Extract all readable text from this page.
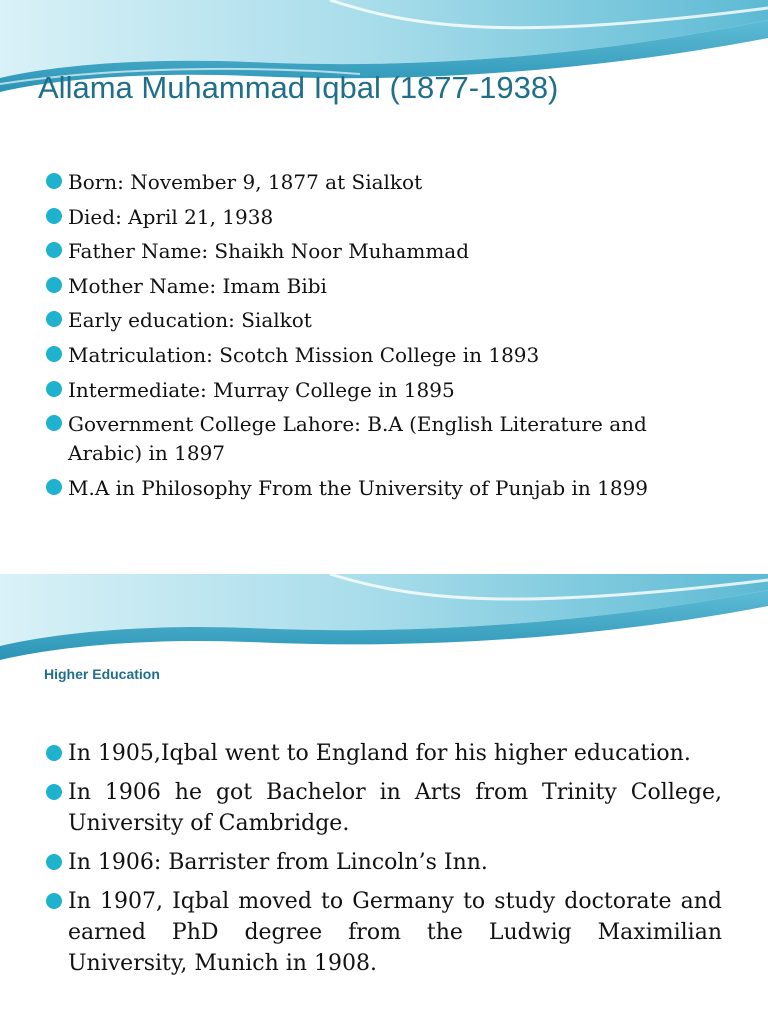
Allama Muhammad Iqbal (1877-1938)
Born: November 9, 1877 at Sialkot
Died: April 21, 1938
Father Name: Shaikh Noor Muhammad
Mother Name: Imam Bibi
Early education: Sialkot
Matriculation: Scotch Mission College in 1893
Intermediate: Murray College in 1895
Government College Lahore: B.A (English Literature and Arabic) in 1897
M.A in Philosophy From the University of Punjab in 1899
Higher Education
In 1905,Iqbal went to England for his higher education.
In 1906 he got Bachelor in Arts from Trinity College, University of Cambridge.
In 1906: Barrister from Lincoln’s Inn.
In 1907, Iqbal moved to Germany to study doctorate and earned PhD degree from the Ludwig Maximilian University, Munich in 1908.
